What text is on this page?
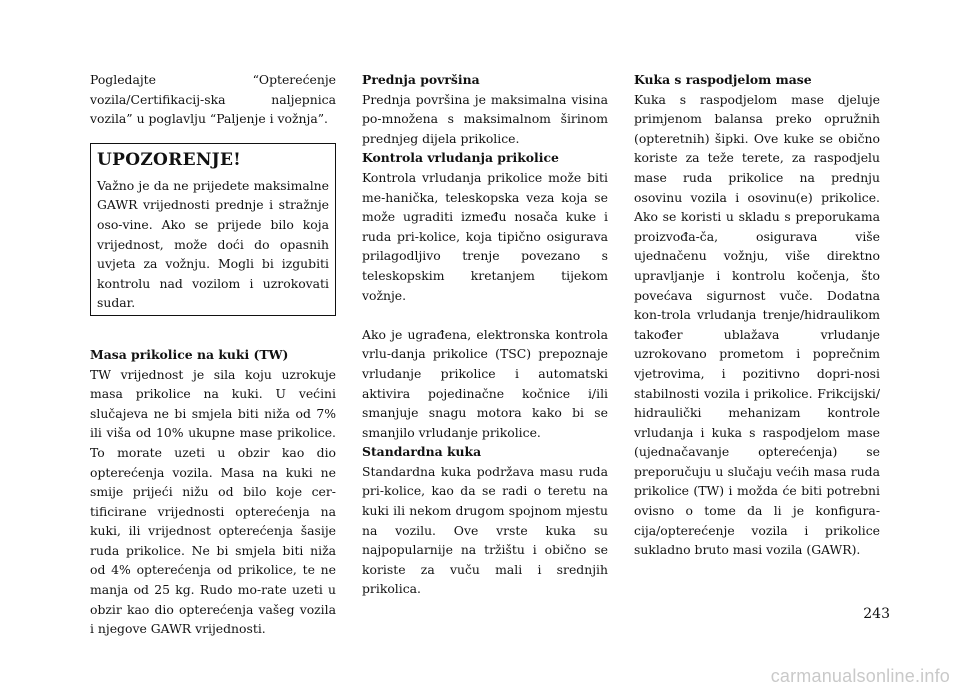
Pogledajte “Opterećenje vozila/Certifikacij-ska naljepnica vozila” u poglavlju “Paljenje i vožnja”.

UPOZORENJE!

Važno je da ne prijedete maksimalne GAWR vrijednosti prednje i stražnje oso-vine. Ako se prijede bilo koja vrijednost, može doći do opasnih uvjeta za vožnju. Mogli bi izgubiti kontrolu nad vozilom i uzrokovati sudar.

Masa prikolice na kuki (TW)

TW vrijednost je sila koju uzrokuje masa prikolice na kuki. U većini slučajeva ne bi smjela biti niža od 7% ili viša od 10% ukupne mase prikolice. To morate uzeti u obzir kao dio opterećenja vozila. Masa na kuki ne smije prijeći nižu od bilo koje cer-tificirane vrijednosti opterećenja na kuki, ili vrijednost opterećenja šasije ruda prikolice. Ne bi smjela biti niža od 4% opterećenja od prikolice, te ne manja od 25 kg. Rudo mo-rate uzeti u obzir kao dio opterećenja vašeg vozila i njegove GAWR vrijednosti.

Prednja površina

Prednja površina je maksimalna visina po-množena s maksimalnom širinom prednjeg dijela prikolice.

Kontrola vrludanja prikolice

Kontrola vrludanja prikolice može biti me-hanička, teleskopska veza koja se može ugraditi između nosača kuke i ruda pri-kolice, koja tipično osigurava prilagodljivo trenje povezano s teleskopskim kretanjem tijekom vožnje.

Ako je ugrađena, elektronska kontrola vrlu-danja prikolice (TSC) prepoznaje vrludanje prikolice i automatski aktivira pojedinačne kočnice i/ili smanjuje snagu motora kako bi se smanjilo vrludanje prikolice.

Standardna kuka

Standardna kuka podržava masu ruda pri-kolice, kao da se radi o teretu na kuki ili nekom drugom spojnom mjestu na vozilu. Ove vrste kuka su najpopularnije na tržištu i obično se koriste za vuču mali i srednjih prikolica.

Kuka s raspodjelom mase

Kuka s raspodjelom mase djeluje primjenom balansa preko opružnih (opteretnih) šipki. Ove kuke se obično koriste za teže terete, za raspodjelu mase ruda prikolice na prednju osovinu vozila i osovinu(e) prikolice. Ako se koristi u skladu s preporukama proizvođa-ča, osigurava više ujednačenu vožnju, više direktno upravljanje i kontrolu kočenja, što povećava sigurnost vuče. Dodatna kon-trola vrludanja trenje/hidraulikom također ublažava vrludanje uzrokovano prometom i poprečnim vjetrovima, i pozitivno dopri-nosi stabilnosti vozila i prikolice. Frikcijski/ hidraulički mehanizam kontrole vrludanja i kuka s raspodjelom mase (ujednačavanje opterećenja) se preporučuju u slučaju većih masa ruda prikolice (TW) i možda će biti potrebni ovisno o tome da li je konfigura-cija/opterećenje vozila i prikolice sukladno bruto masi vozila (GAWR).

243
carmanualsonline.info
